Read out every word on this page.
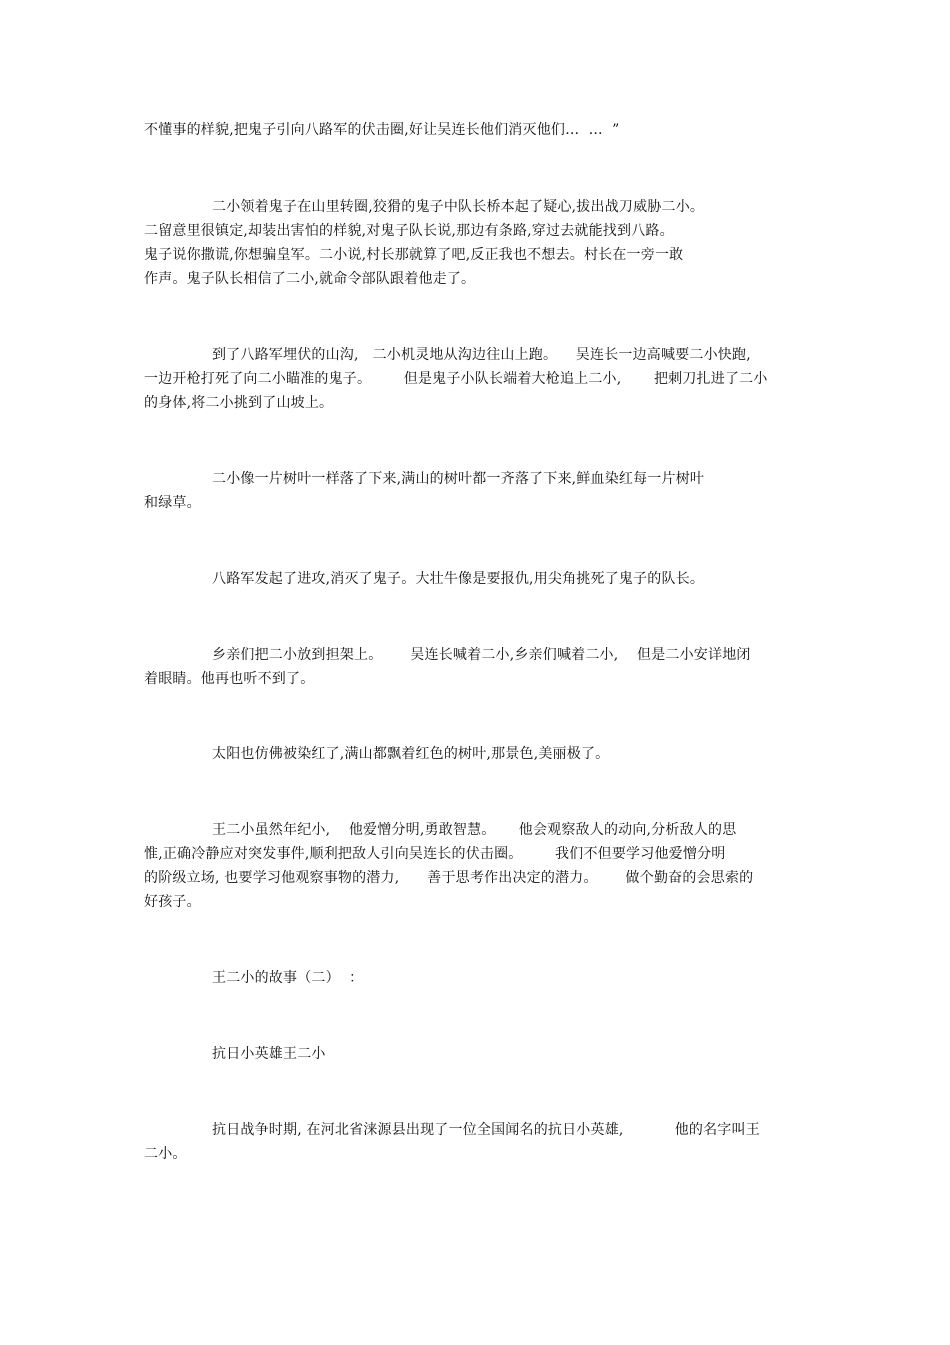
不懂事的样貌,把鬼子引向八路军的伏击圈,好让吴连长他们消灭他们…  …  ”
二小领着鬼子在山里转圈,狡猾的鬼子中队长桥本起了疑心,拔出战刀威胁二小。
二留意里很镇定,却装出害怕的样貌,对鬼子队长说,那边有条路,穿过去就能找到八路。
鬼子说你撒谎,你想骗皇军。二小说,村长那就算了吧,反正我也不想去。村长在一旁一敢
作声。鬼子队长相信了二小,就命令部队跟着他走了。
到了八路军埋伏的山沟,   二小机灵地从沟边往山上跑。    吴连长一边高喊要二小快跑,
一边开枪打死了向二小瞄准的鬼子。       但是鬼子小队长端着大枪追上二小,       把刺刀扎进了二小
的身体,将二小挑到了山坡上。
二小像一片树叶一样落了下来,满山的树叶都一齐落了下来,鲜血染红每一片树叶
和绿草。
八路军发起了进攻,消灭了鬼子。大壮牛像是要报仇,用尖角挑死了鬼子的队长。
乡亲们把二小放到担架上。      吴连长喊着二小,乡亲们喊着二小,    但是二小安详地闭
着眼睛。他再也听不到了。
太阳也仿佛被染红了,满山都飘着红色的树叶,那景色,美丽极了。
王二小虽然年纪小,    他爱憎分明,勇敢智慧。     他会观察敌人的动向,分析敌人的思
惟,正确冷静应对突发事件,顺利把敌人引向吴连长的伏击圈。       我们不但要学习他爱憎分明
的阶级立场, 也要学习他观察事物的潜力,      善于思考作出决定的潜力。      做个勤奋的会思索的
好孩子。
王二小的故事（二）  ：
抗日小英雄王二小
抗日战争时期, 在河北省涞源县出现了一位全国闻名的抗日小英雄,           他的名字叫王
二小。
